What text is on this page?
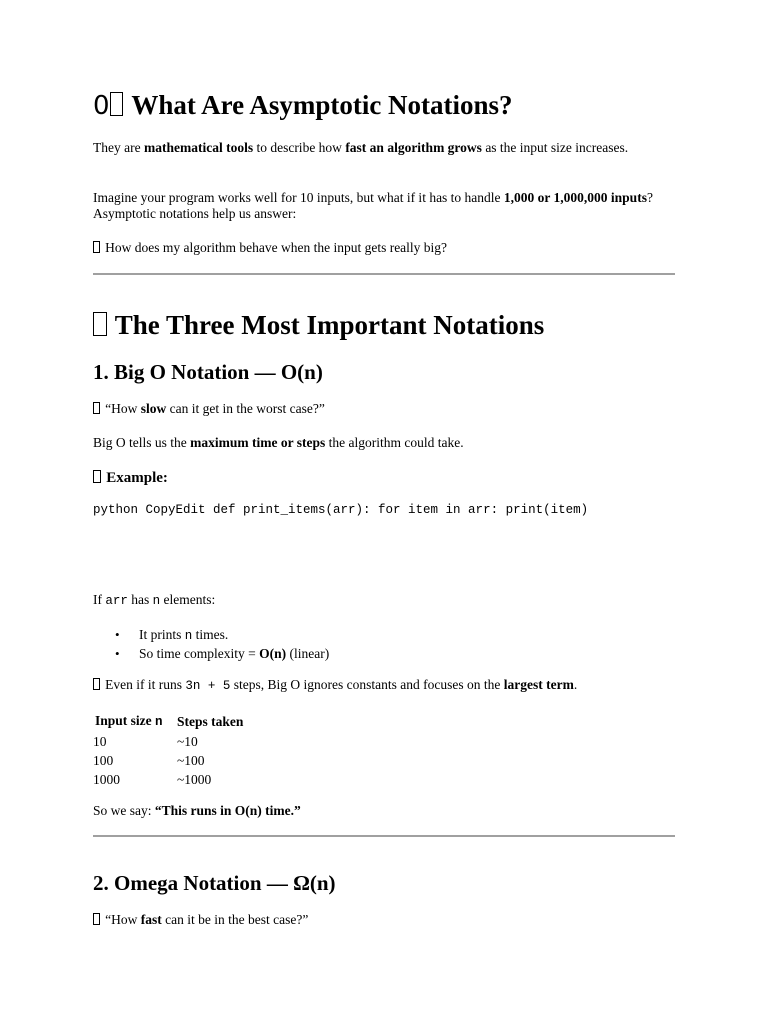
0 What Are Asymptotic Notations?

They are mathematical tools to describe how fast an algorithm grows as the input size increases.

Imagine your program works well for 10 inputs, but what if it has to handle 1,000 or 1,000,000 inputs? Asymptotic notations help us answer:

How does my algorithm behave when the input gets really big?

The Three Most Important Notations
1. Big O Notation — O(n)

“How slow can it get in the worst case?”

Big O tells us the maximum time or steps the algorithm could take.

Example:
python CopyEdit def print_items(arr): for item in arr: print(item)

If arr has n elements:

• It prints n times.
• So time complexity = O(n) (linear)

Even if it runs 3n + 5 steps, Big O ignores constants and focuses on the largest term.

Input size n	Steps taken
10	~10
100	~100
1000	~1000

So we say: “This runs in O(n) time.”

2. Omega Notation — Ω(n)

“How fast can it be in the best case?”
